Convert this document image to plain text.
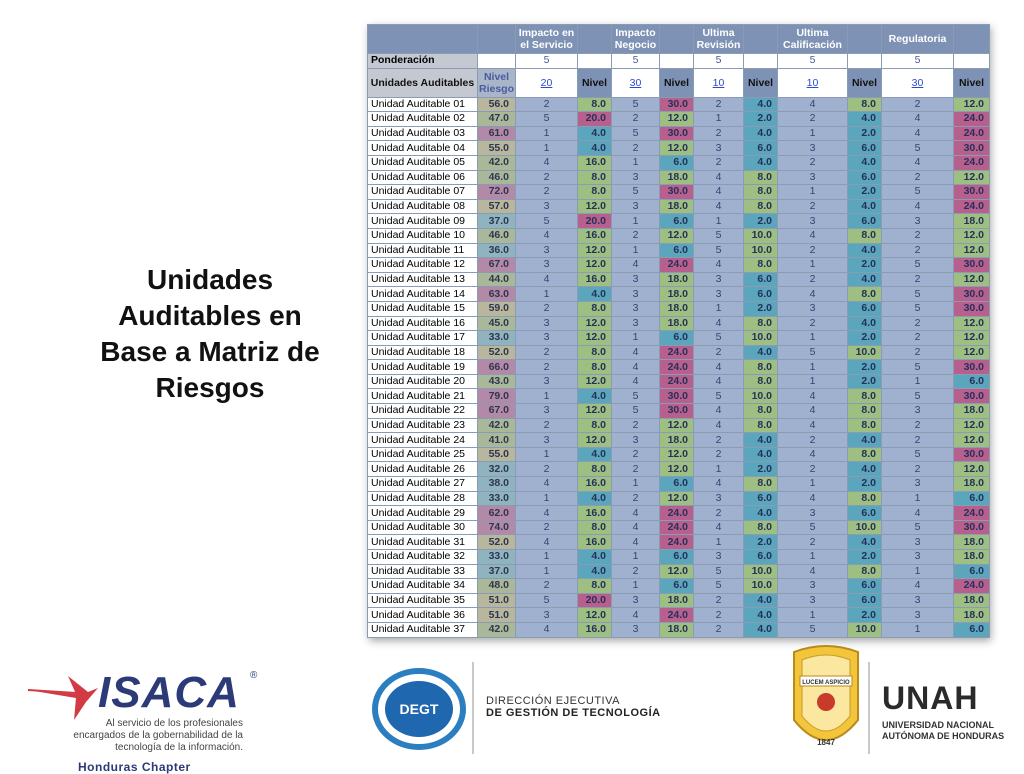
Unidades
Auditables en
Base a Matriz de
Riesgos
		Impacto en el Servicio		Impacto Negocio		Ultima Revisión		Ultima Calificación		Regulatoria	
Ponderación		5		5		5		5		5	
Unidades Auditables	Nivel Riesgo	20	Nivel	30	Nivel	10	Nivel	10	Nivel	30	Nivel
Unidad Auditable 01	56.0	2	8.0	5	30.0	2	4.0	4	8.0	2	12.0
Unidad Auditable 02	47.0	5	20.0	2	12.0	1	2.0	2	4.0	4	24.0
Unidad Auditable 03	61.0	1	4.0	5	30.0	2	4.0	1	2.0	4	24.0
Unidad Auditable 04	55.0	1	4.0	2	12.0	3	6.0	3	6.0	5	30.0
Unidad Auditable 05	42.0	4	16.0	1	6.0	2	4.0	2	4.0	4	24.0
Unidad Auditable 06	46.0	2	8.0	3	18.0	4	8.0	3	6.0	2	12.0
Unidad Auditable 07	72.0	2	8.0	5	30.0	4	8.0	1	2.0	5	30.0
Unidad Auditable 08	57.0	3	12.0	3	18.0	4	8.0	2	4.0	4	24.0
Unidad Auditable 09	37.0	5	20.0	1	6.0	1	2.0	3	6.0	3	18.0
Unidad Auditable 10	46.0	4	16.0	2	12.0	5	10.0	4	8.0	2	12.0
Unidad Auditable 11	36.0	3	12.0	1	6.0	5	10.0	2	4.0	2	12.0
Unidad Auditable 12	67.0	3	12.0	4	24.0	4	8.0	1	2.0	5	30.0
Unidad Auditable 13	44.0	4	16.0	3	18.0	3	6.0	2	4.0	2	12.0
Unidad Auditable 14	63.0	1	4.0	3	18.0	3	6.0	4	8.0	5	30.0
Unidad Auditable 15	59.0	2	8.0	3	18.0	1	2.0	3	6.0	5	30.0
Unidad Auditable 16	45.0	3	12.0	3	18.0	4	8.0	2	4.0	2	12.0
Unidad Auditable 17	33.0	3	12.0	1	6.0	5	10.0	1	2.0	2	12.0
Unidad Auditable 18	52.0	2	8.0	4	24.0	2	4.0	5	10.0	2	12.0
Unidad Auditable 19	66.0	2	8.0	4	24.0	4	8.0	1	2.0	5	30.0
Unidad Auditable 20	43.0	3	12.0	4	24.0	4	8.0	1	2.0	1	6.0
Unidad Auditable 21	79.0	1	4.0	5	30.0	5	10.0	4	8.0	5	30.0
Unidad Auditable 22	67.0	3	12.0	5	30.0	4	8.0	4	8.0	3	18.0
Unidad Auditable 23	42.0	2	8.0	2	12.0	4	8.0	4	8.0	2	12.0
Unidad Auditable 24	41.0	3	12.0	3	18.0	2	4.0	2	4.0	2	12.0
Unidad Auditable 25	55.0	1	4.0	2	12.0	2	4.0	4	8.0	5	30.0
Unidad Auditable 26	32.0	2	8.0	2	12.0	1	2.0	2	4.0	2	12.0
Unidad Auditable 27	38.0	4	16.0	1	6.0	4	8.0	1	2.0	3	18.0
Unidad Auditable 28	33.0	1	4.0	2	12.0	3	6.0	4	8.0	1	6.0
Unidad Auditable 29	62.0	4	16.0	4	24.0	2	4.0	3	6.0	4	24.0
Unidad Auditable 30	74.0	2	8.0	4	24.0	4	8.0	5	10.0	5	30.0
Unidad Auditable 31	52.0	4	16.0	4	24.0	1	2.0	2	4.0	3	18.0
Unidad Auditable 32	33.0	1	4.0	1	6.0	3	6.0	1	2.0	3	18.0
Unidad Auditable 33	37.0	1	4.0	2	12.0	5	10.0	4	8.0	1	6.0
Unidad Auditable 34	48.0	2	8.0	1	6.0	5	10.0	3	6.0	4	24.0
Unidad Auditable 35	51.0	5	20.0	3	18.0	2	4.0	3	6.0	3	18.0
Unidad Auditable 36	51.0	3	12.0	4	24.0	2	4.0	1	2.0	3	18.0
Unidad Auditable 37	42.0	4	16.0	3	18.0	2	4.0	5	10.0	1	6.0
ISACA ®
Al servicio de los profesionales
encargados de la gobernabilidad de la
tecnología de la información.
Honduras Chapter
DEGT	DIRECCIÓN EJECUTIVA
DE GESTIÓN DE TECNOLOGÍA
LUCEM ASPICIO
1847
UNAH
UNIVERSIDAD NACIONAL
AUTÓNOMA DE HONDURAS
